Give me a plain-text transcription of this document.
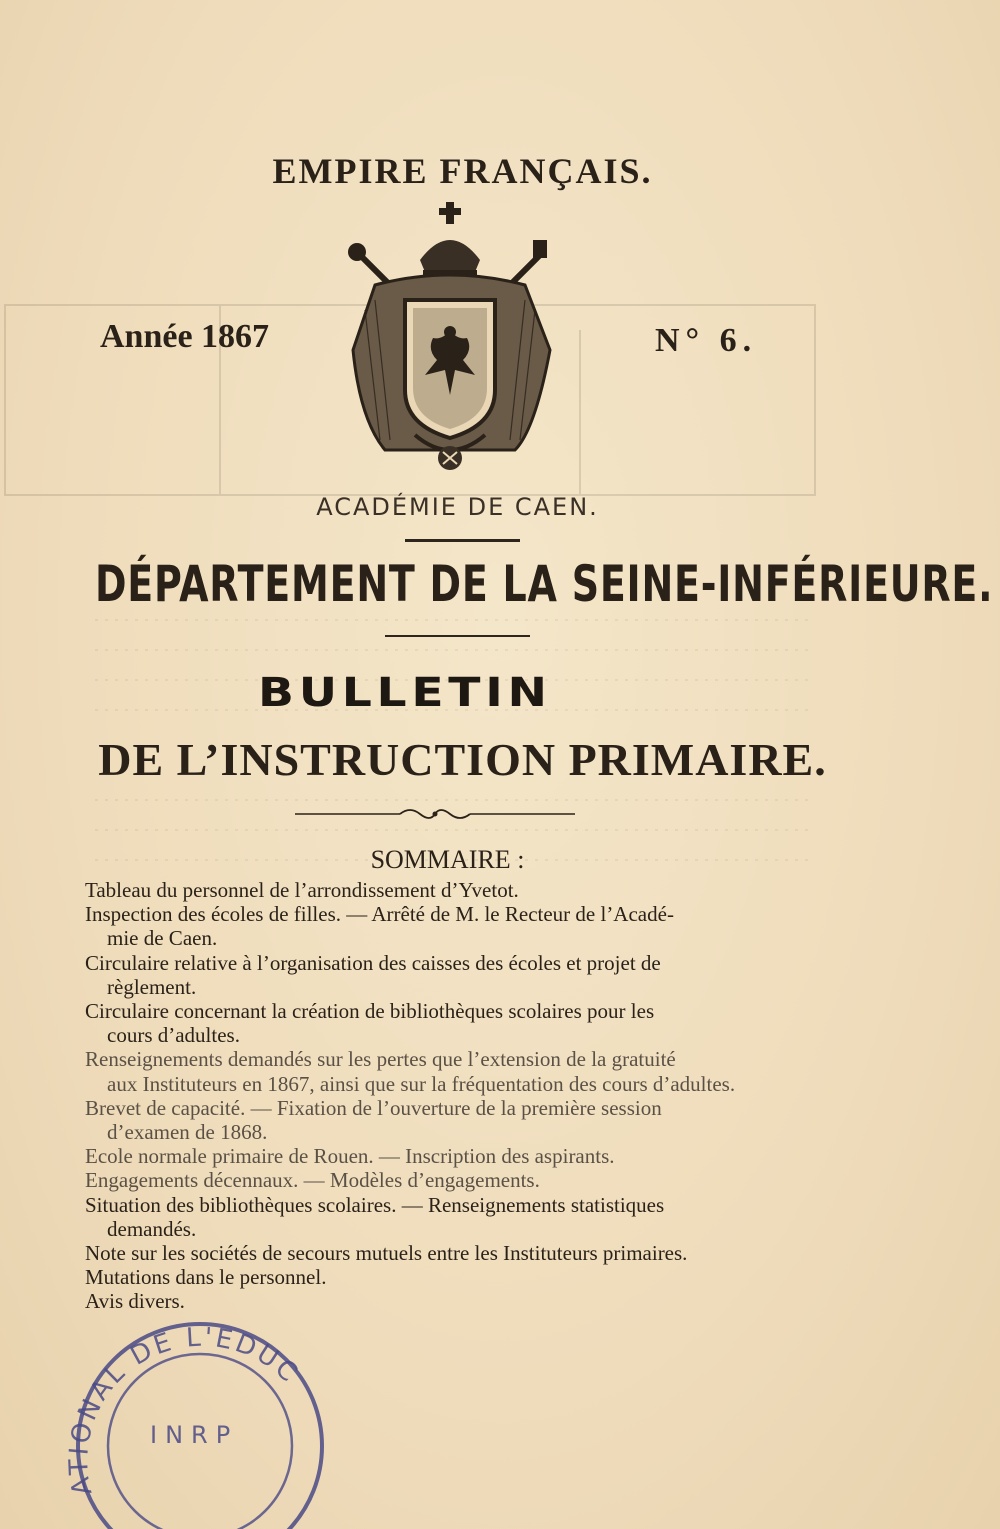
EMPIRE FRANÇAIS.
Année 1867	N° 6.
ACADÉMIE DE CAEN.
DÉPARTEMENT DE LA SEINE-INFÉRIEURE.
BULLETIN
DE L’INSTRUCTION PRIMAIRE.
SOMMAIRE :
Tableau du personnel de l’arrondissement d’Yvetot.
Inspection des écoles de filles. — Arrêté de M. le Recteur de l’Acadé-
mie de Caen.
Circulaire relative à l’organisation des caisses des écoles et projet de
règlement.
Circulaire concernant la création de bibliothèques scolaires pour les
cours d’adultes.
Renseignements demandés sur les pertes que l’extension de la gratuité
aux Instituteurs en 1867, ainsi que sur la fréquentation des cours d’adultes.
Brevet de capacité. — Fixation de l’ouverture de la première session
d’examen de 1868.
Ecole normale primaire de Rouen. — Inscription des aspirants.
Engagements décennaux. — Modèles d’engagements.
Situation des bibliothèques scolaires. — Renseignements statistiques
demandés.
Note sur les sociétés de secours mutuels entre les Instituteurs primaires.
Mutations dans le personnel.
Avis divers.
ATIONAL DE L'EDUC
INRP
